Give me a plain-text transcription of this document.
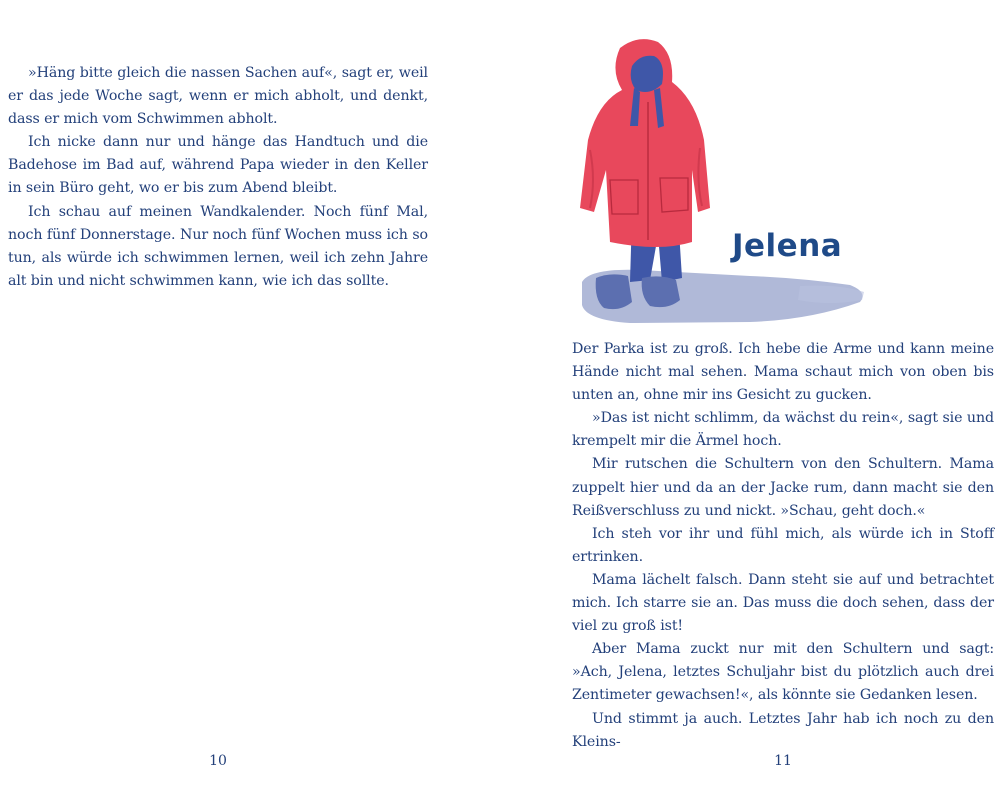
»Häng bitte gleich die nassen Sachen auf«, sagt er, weil er das jede Woche sagt, wenn er mich abholt, und denkt, dass er mich vom Schwimmen abholt.

Ich nicke dann nur und hänge das Handtuch und die Badehose im Bad auf, während Papa wieder in den Keller in sein Büro geht, wo er bis zum Abend bleibt.

Ich schau auf meinen Wandkalender. Noch fünf Mal, noch fünf Donnerstage. Nur noch fünf Wochen muss ich so tun, als würde ich schwimmen lernen, weil ich zehn Jahre alt bin und nicht schwimmen kann, wie ich das sollte.

10
Jelena

Der Parka ist zu groß. Ich hebe die Arme und kann meine Hände nicht mal sehen. Mama schaut mich von oben bis unten an, ohne mir ins Gesicht zu gucken.

»Das ist nicht schlimm, da wächst du rein«, sagt sie und krempelt mir die Ärmel hoch.

Mir rutschen die Schultern von den Schultern. Mama zuppelt hier und da an der Jacke rum, dann macht sie den Reißverschluss zu und nickt. »Schau, geht doch.«

Ich steh vor ihr und fühl mich, als würde ich in Stoff ertrinken.

Mama lächelt falsch. Dann steht sie auf und betrachtet mich. Ich starre sie an. Das muss die doch sehen, dass der viel zu groß ist!

Aber Mama zuckt nur mit den Schultern und sagt: »Ach, Jelena, letztes Schuljahr bist du plötzlich auch drei Zentimeter gewachsen!«, als könnte sie Gedanken lesen.

Und stimmt ja auch. Letztes Jahr hab ich noch zu den Kleins-

11
